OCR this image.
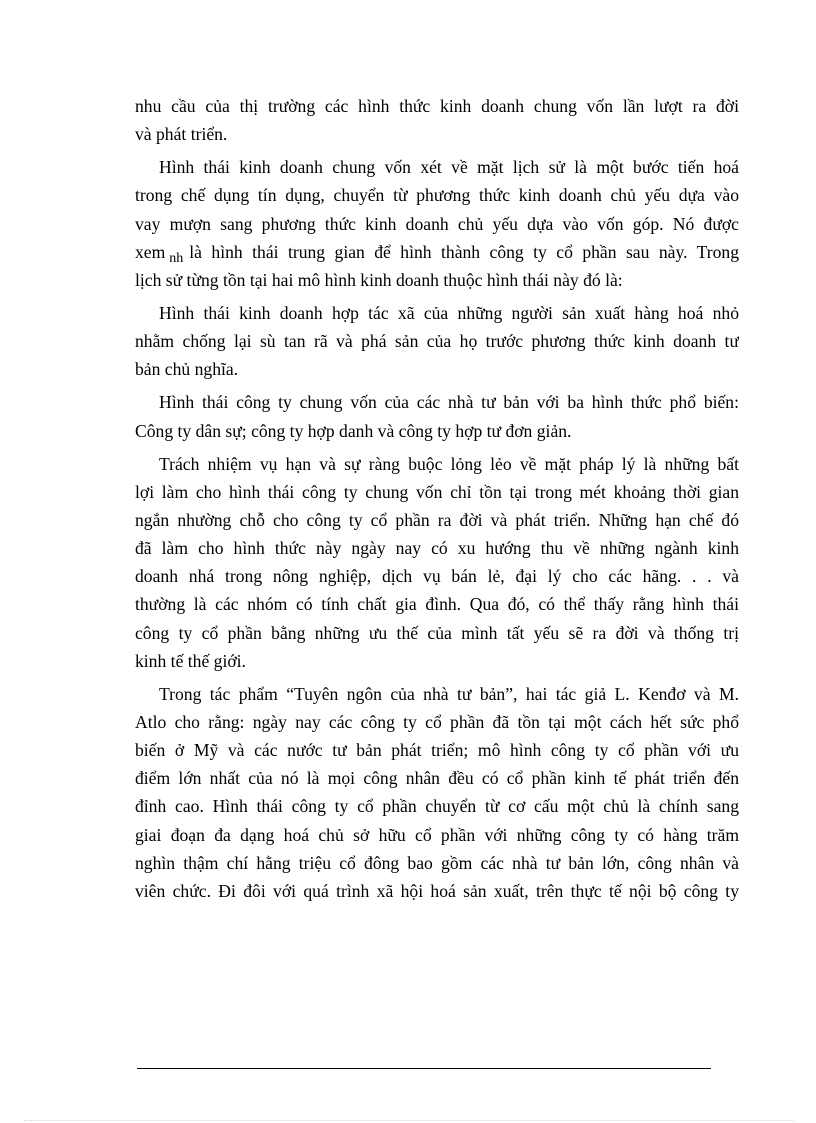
nhu cầu của thị trường các hình thức kinh doanh chung vốn lần lượt ra đời
và phát triển.
Hình thái kinh doanh chung vốn xét về mặt lịch sử là một bước tiến hoá
trong chế dụng tín dụng, chuyển từ phương thức kinh doanh chủ yếu dựa vào
vay mượn sang phương thức kinh doanh chủ yếu dựa vào vốn góp. Nó được
xem $_{nh}$ là hình thái trung gian để hình thành công ty cổ phần sau này. Trong
lịch sử từng tồn tại hai mô hình kinh doanh thuộc hình thái này đó là:
Hình thái kinh doanh hợp tác xã của những người sản xuất hàng hoá nhỏ
nhằm chống lại sù tan rã và phá sản của họ trước phương thức kinh doanh tư
bản chủ nghĩa.
Hình thái công ty chung vốn của các nhà tư bản với ba hình thức phổ biến:
Công ty dân sự; công ty hợp danh và công ty hợp tư đơn giản.
Trách nhiệm vụ hạn và sự ràng buộc lỏng lẻo về mặt pháp lý là những bất
lợi làm cho hình thái công ty chung vốn chỉ tồn tại trong mét khoảng thời gian
ngắn nhường chỗ cho công ty cổ phần ra đời và phát triển. Những hạn chế đó
đã làm cho hình thức này ngày nay có xu hướng thu về những ngành kinh
doanh nhá trong nông nghiệp, dịch vụ bán lẻ, đại lý cho các hãng. . . và
thường là các nhóm có tính chất gia đình. Qua đó, có thể thấy rằng hình thái
công ty cổ phần bằng những ưu thế của mình tất yếu sẽ ra đời và thống trị
kinh tế thế giới.
Trong tác phẩm “Tuyên ngôn của nhà tư bản”, hai tác giả L. Kenđơ và M.
Atlo cho rằng: ngày nay các công ty cổ phần đã tồn tại một cách hết sức phổ
biến ở Mỹ và các nước tư bản phát triển; mô hình công ty cổ phần với ưu
điểm lớn nhất của nó là mọi công nhân đều có cổ phần kinh tế phát triển đến
đỉnh cao. Hình thái công ty cổ phần chuyển từ cơ cấu một chủ là chính sang
giai đoạn đa dạng hoá chủ sở hữu cổ phần với những công ty có hàng trăm
nghìn thậm chí hằng triệu cổ đông bao gồm các nhà tư bản lớn, công nhân và
viên chức. Đi đôi với quá trình xã hội hoá sản xuất, trên thực tế nội bộ công ty
